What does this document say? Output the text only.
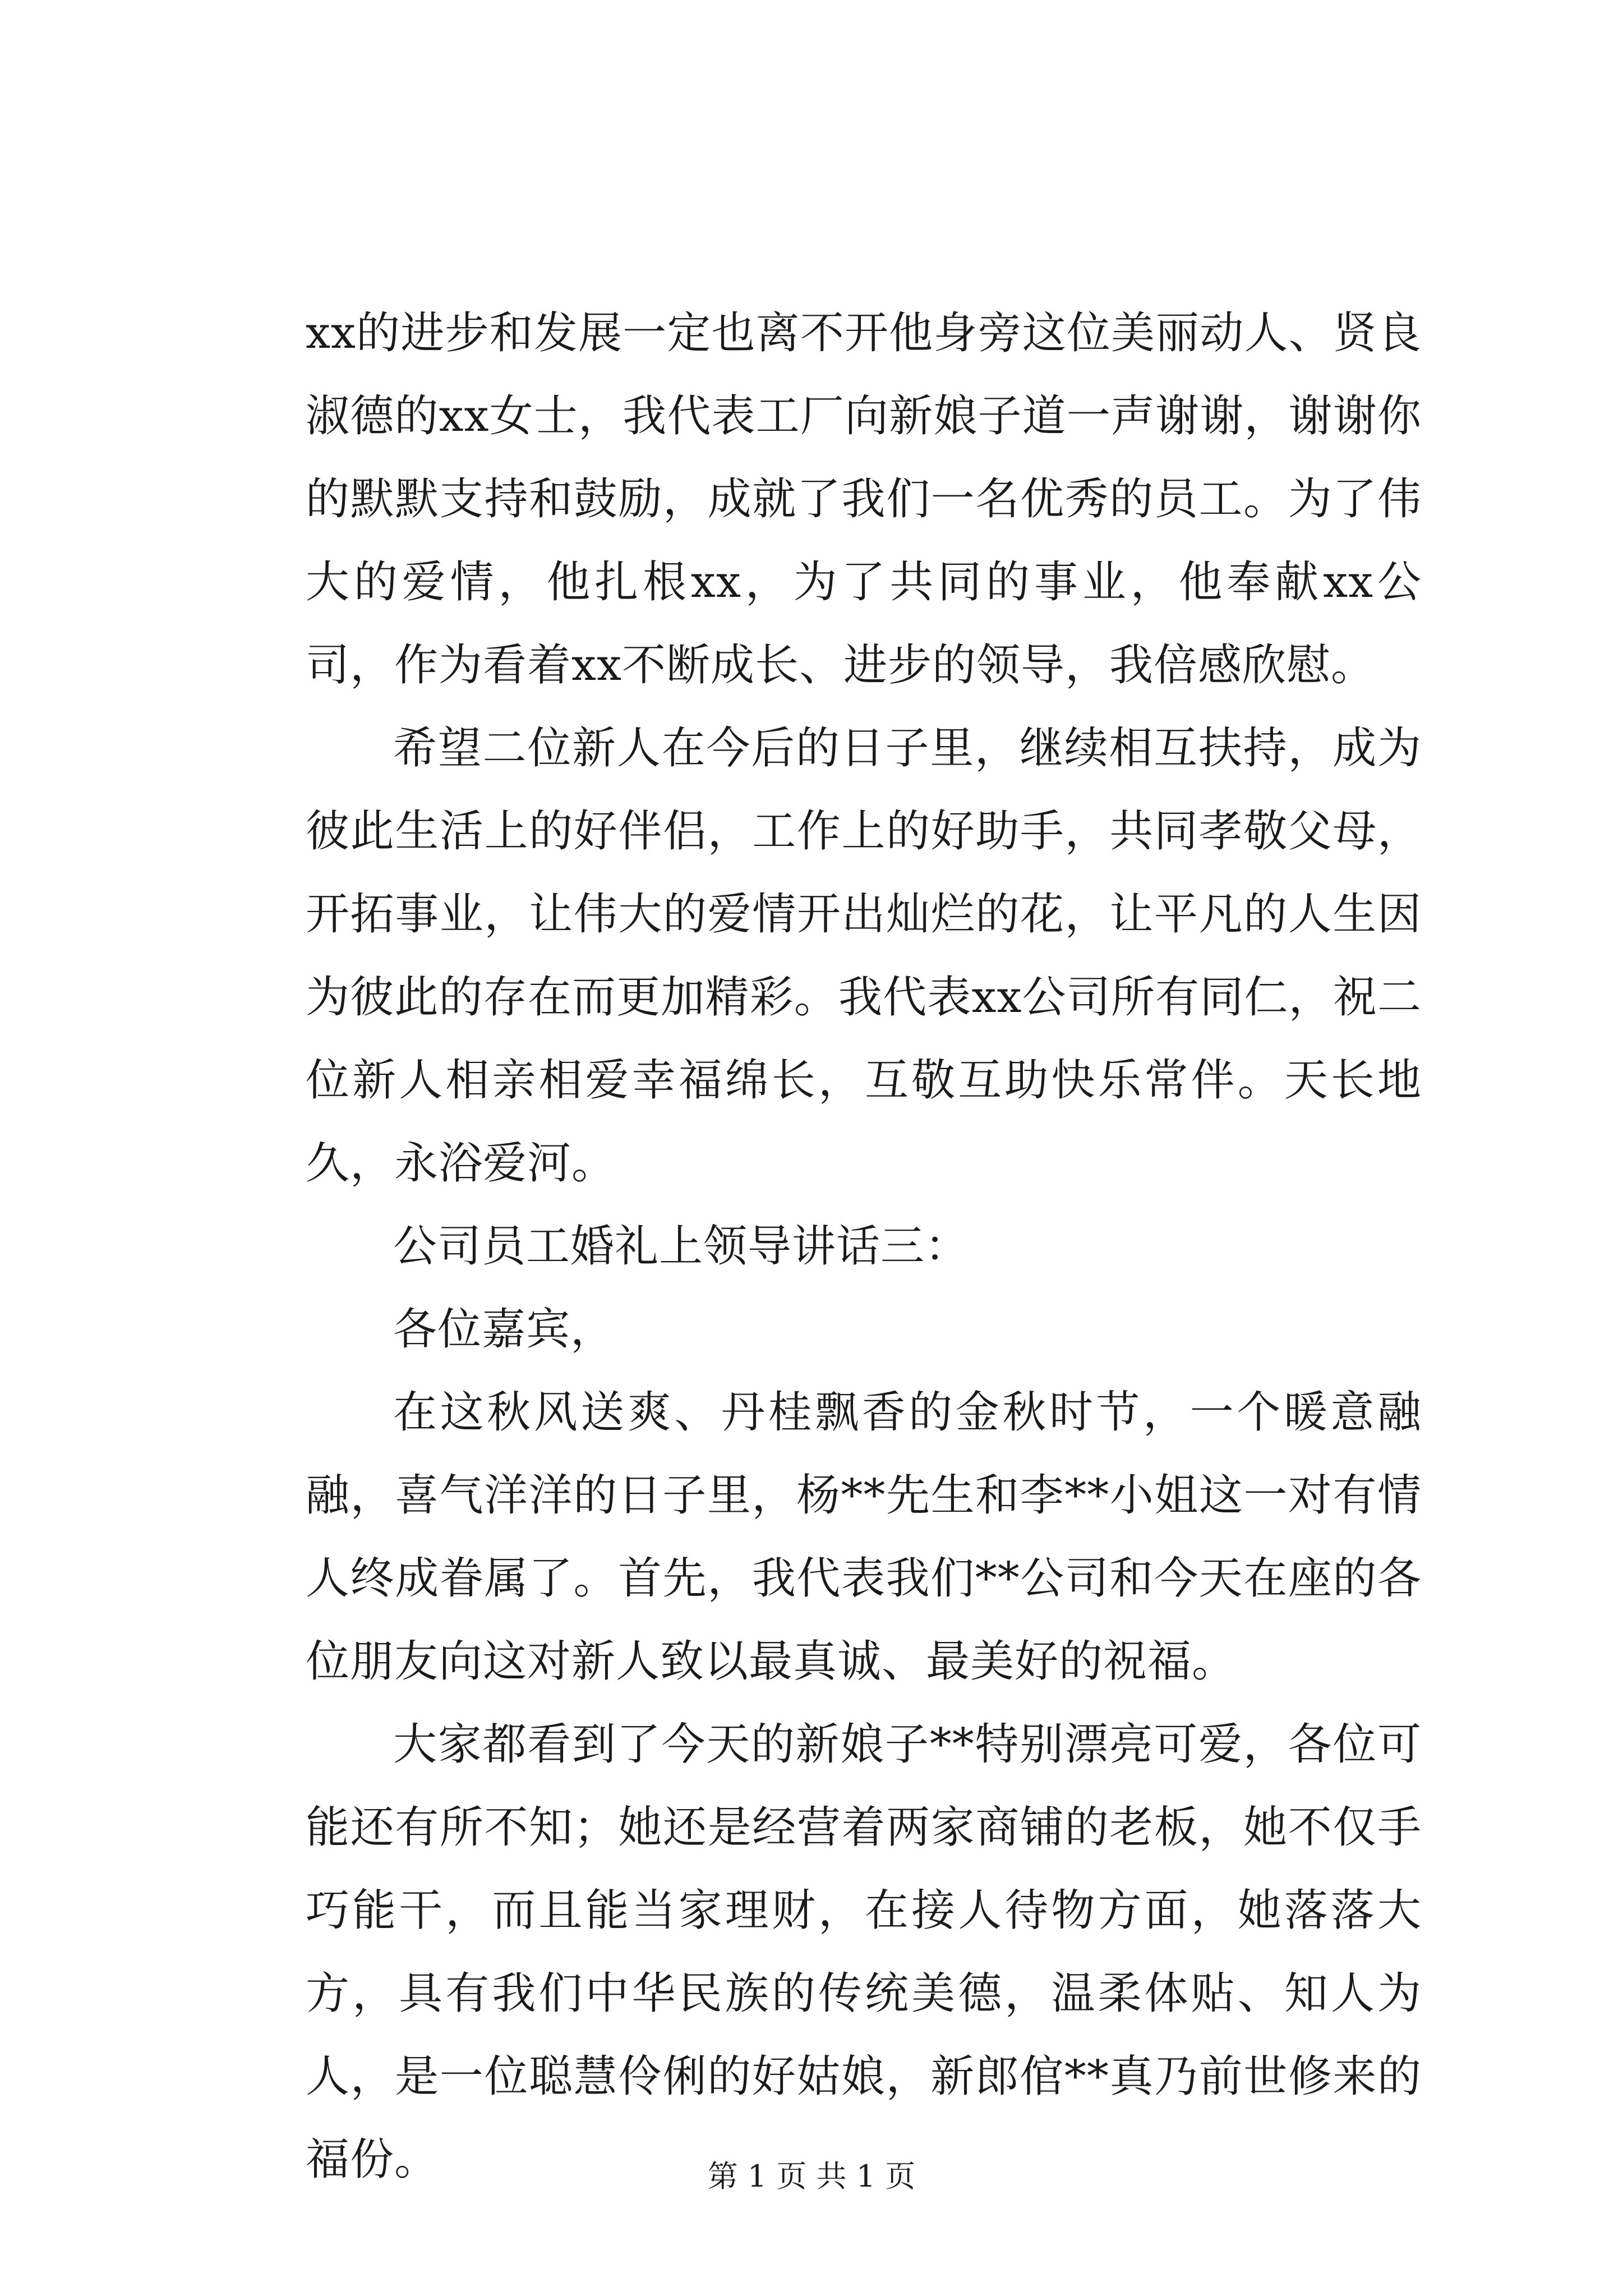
xx的进步和发展一定也离不开他身旁这位美丽动人、贤良淑德的xx女士，我代表工厂向新娘子道一声谢谢，谢谢你的默默支持和鼓励，成就了我们一名优秀的员工。为了伟大的爱情，他扎根xx，为了共同的事业，他奉献xx公司，作为看着xx不断成长、进步的领导，我倍感欣慰。

希望二位新人在今后的日子里，继续相互扶持，成为彼此生活上的好伴侣，工作上的好助手，共同孝敬父母，开拓事业，让伟大的爱情开出灿烂的花，让平凡的人生因为彼此的存在而更加精彩。我代表xx公司所有同仁，祝二位新人相亲相爱幸福绵长，互敬互助快乐常伴。天长地久，永浴爱河。

公司员工婚礼上领导讲话三：

各位嘉宾，

在这秋风送爽、丹桂飘香的金秋时节，一个暖意融融，喜气洋洋的日子里，杨**先生和李**小姐这一对有情人终成眷属了。首先，我代表我们**公司和今天在座的各位朋友向这对新人致以最真诚、最美好的祝福。

大家都看到了今天的新娘子**特别漂亮可爱，各位可能还有所不知；她还是经营着两家商铺的老板，她不仅手巧能干，而且能当家理财，在接人待物方面，她落落大方，具有我们中华民族的传统美德，温柔体贴、知人为人，是一位聪慧伶俐的好姑娘，新郎倌**真乃前世修来的福份。	第 1 页 共 1 页
